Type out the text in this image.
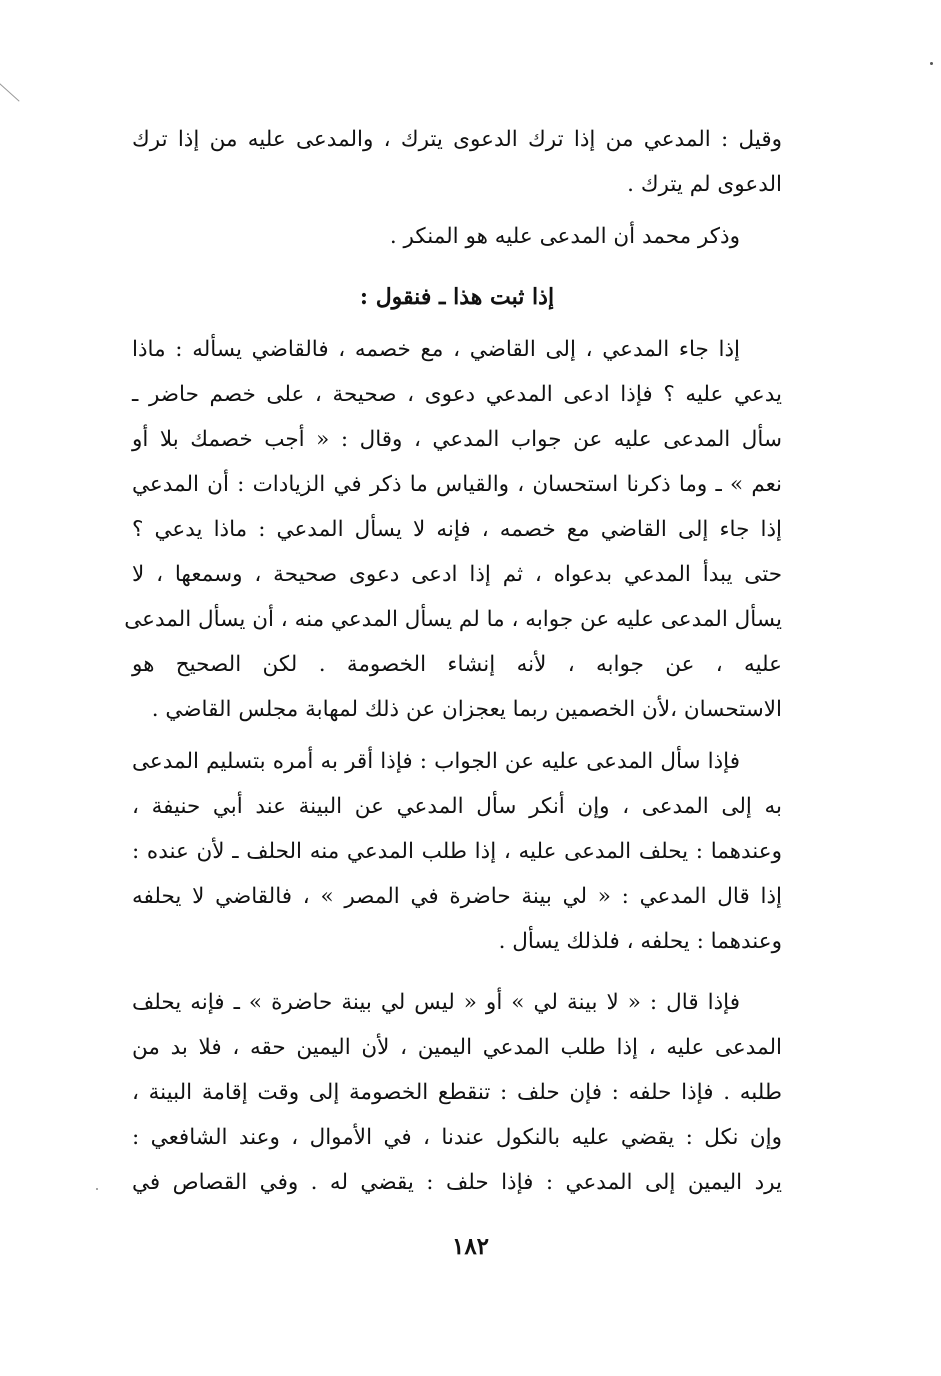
وقيل : المدعي من إذا ترك الدعوى يترك ، والمدعى عليه من إذا ترك
الدعوى لم يترك .

وذكر محمد أن المدعى عليه هو المنكر .

إذا ثبت هذا ـ فنقول :

إذا جاء المدعي ، إلى القاضي ، مع خصمه ، فالقاضي يسأله : ماذا
يدعي عليه ؟ فإذا ادعى المدعي دعوى ، صحيحة ، على خصم حاضر ـ
سأل المدعى عليه عن جواب المدعي ، وقال : « أجب خصمك بلا أو
نعم » ـ وما ذكرنا استحسان ، والقياس ما ذكر في الزيادات : أن المدعي
إذا جاء إلى القاضي مع خصمه ، فإنه لا يسأل المدعي : ماذا يدعي ؟
حتى يبدأ المدعي بدعواه ، ثم إذا ادعى دعوى صحيحة ، وسمعها ، لا
يسأل المدعى عليه عن جوابه ، ما لم يسأل المدعي منه ، أن يسأل المدعى
عليه ، عن جوابه ، لأنه إنشاء الخصومة . لكن الصحيح هو
الاستحسان ،لأن الخصمين ربما يعجزان عن ذلك لمهابة مجلس القاضي .

فإذا سأل المدعى عليه عن الجواب : فإذا أقر به أمره بتسليم المدعى
به إلى المدعى ، وإن أنكر سأل المدعي عن البينة عند أبي حنيفة ،
وعندهما : يحلف المدعى عليه ، إذا طلب المدعي منه الحلف ـ لأن عنده :
إذا قال المدعي : « لي بينة حاضرة في المصر » ، فالقاضي لا يحلفه
وعندهما : يحلفه ، فلذلك يسأل .

فإذا قال : « لا بينة لي » أو « ليس لي بينة حاضرة » ـ فإنه يحلف
المدعى عليه ، إذا طلب المدعي اليمين ، لأن اليمين حقه ، فلا بد من
طلبه . فإذا حلفه : فإن حلف : تنقطع الخصومة إلى وقت إقامة البينة ،
وإن نكل : يقضي عليه بالنكول عندنا ، في الأموال ، وعند الشافعي :
يرد اليمين إلى المدعي : فإذا حلف : يقضي له . وفي القصاص في

١٨٢
